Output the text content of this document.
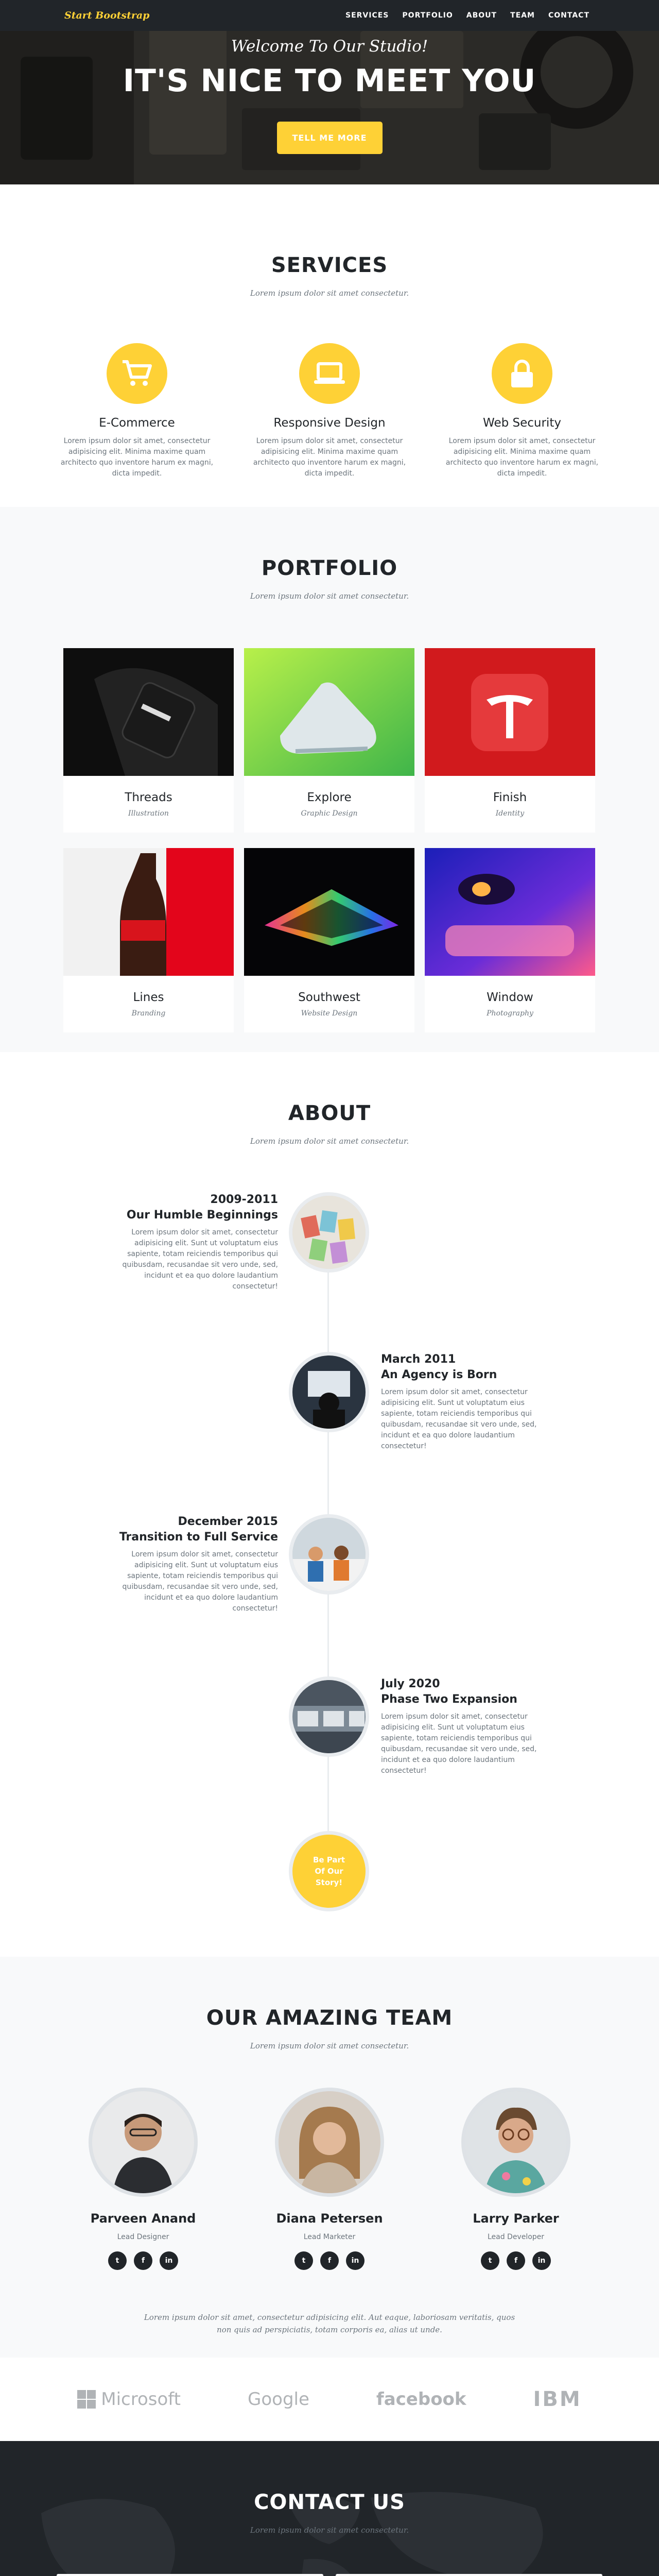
Start Bootstrap	SERVICES PORTFOLIO ABOUT TEAM CONTACT
Welcome To Our Studio!
IT'S NICE TO MEET YOU
TELL ME MORE
SERVICES
Lorem ipsum dolor sit amet consectetur.
E-Commerce
Lorem ipsum dolor sit amet, consectetur adipisicing elit. Minima maxime quam architecto quo inventore harum ex magni, dicta impedit.
Responsive Design
Lorem ipsum dolor sit amet, consectetur adipisicing elit. Minima maxime quam architecto quo inventore harum ex magni, dicta impedit.
Web Security
Lorem ipsum dolor sit amet, consectetur adipisicing elit. Minima maxime quam architecto quo inventore harum ex magni, dicta impedit.
PORTFOLIO
Lorem ipsum dolor sit amet consectetur.
Threads
Illustration
Explore
Graphic Design
Finish
Identity
Lines
Branding
Southwest
Website Design
Window
Photography
ABOUT
Lorem ipsum dolor sit amet consectetur.
2009-2011
Our Humble Beginnings
Lorem ipsum dolor sit amet, consectetur adipisicing elit. Sunt ut voluptatum eius sapiente, totam reiciendis temporibus qui quibusdam, recusandae sit vero unde, sed, incidunt et ea quo dolore laudantium consectetur!
March 2011
An Agency is Born
Lorem ipsum dolor sit amet, consectetur adipisicing elit. Sunt ut voluptatum eius sapiente, totam reiciendis temporibus qui quibusdam, recusandae sit vero unde, sed, incidunt et ea quo dolore laudantium consectetur!
December 2015
Transition to Full Service
Lorem ipsum dolor sit amet, consectetur adipisicing elit. Sunt ut voluptatum eius sapiente, totam reiciendis temporibus qui quibusdam, recusandae sit vero unde, sed, incidunt et ea quo dolore laudantium consectetur!
July 2020
Phase Two Expansion
Lorem ipsum dolor sit amet, consectetur adipisicing elit. Sunt ut voluptatum eius sapiente, totam reiciendis temporibus qui quibusdam, recusandae sit vero unde, sed, incidunt et ea quo dolore laudantium consectetur!
Be Part
Of Our
Story!
OUR AMAZING TEAM
Lorem ipsum dolor sit amet consectetur.
Parveen Anand
Lead Designer
t	f	in
Diana Petersen
Lead Marketer
t	f	in
Larry Parker
Lead Developer
t	f	in
Lorem ipsum dolor sit amet, consectetur adipisicing elit. Aut eaque, laboriosam veritatis, quos non quis ad perspiciatis, totam corporis ea, alias ut unde.
Microsoft	Google	facebook	IBM
CONTACT US
Lorem ipsum dolor sit amet consectetur.
